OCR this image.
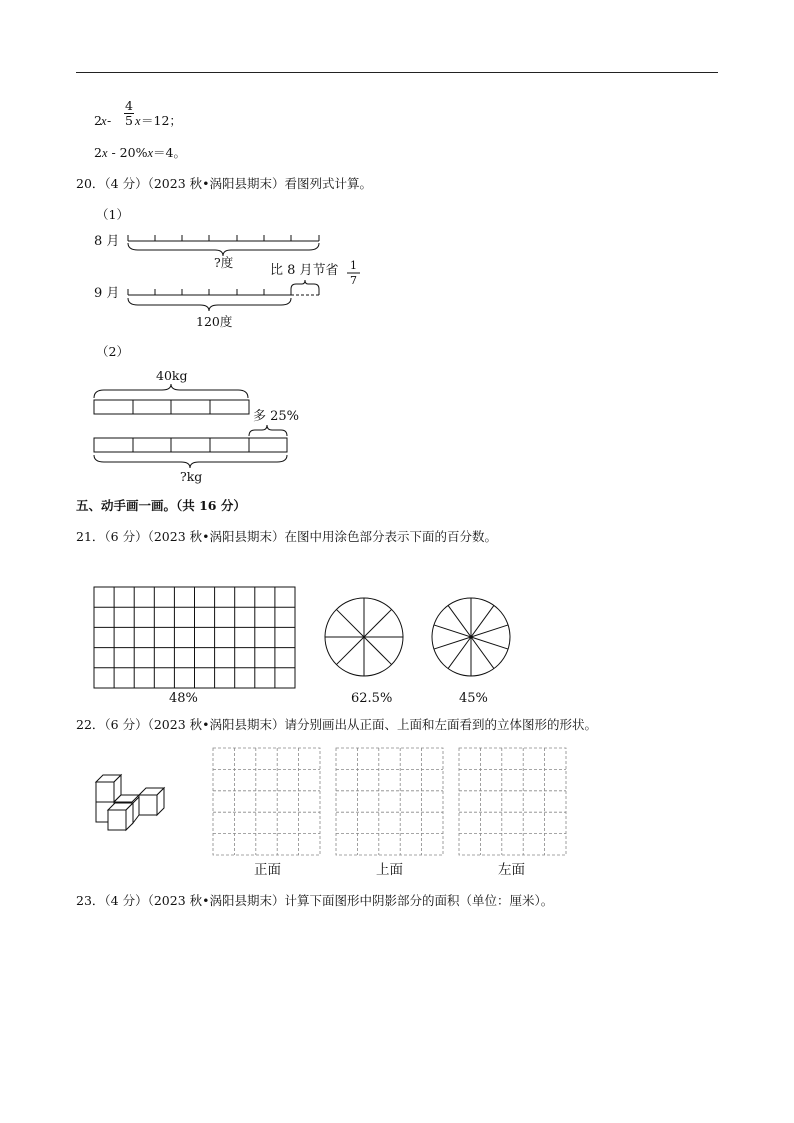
2 x -
4
5 x ＝12；
2x - 20%x＝4。
20．（4 分）（2023 秋•涡阳县期末）看图列式计算。
（1）
8 月
?度
比 8 月节省 1
7
9 月
120度
（2）
40kg
多 25%
?kg
五、动手画一画。（共 16 分）
21．（6 分）（2023 秋•涡阳县期末）在图中用涂色部分表示下面的百分数。
48%	62.5%	45%
22．（6 分）（2023 秋•涡阳县期末）请分别画出从正面、上面和左面看到的立体图形的形状。
正面	上面	左面
23．（4 分）（2023 秋•涡阳县期末）计算下面图形中阴影部分的面积（单位：厘米）。
